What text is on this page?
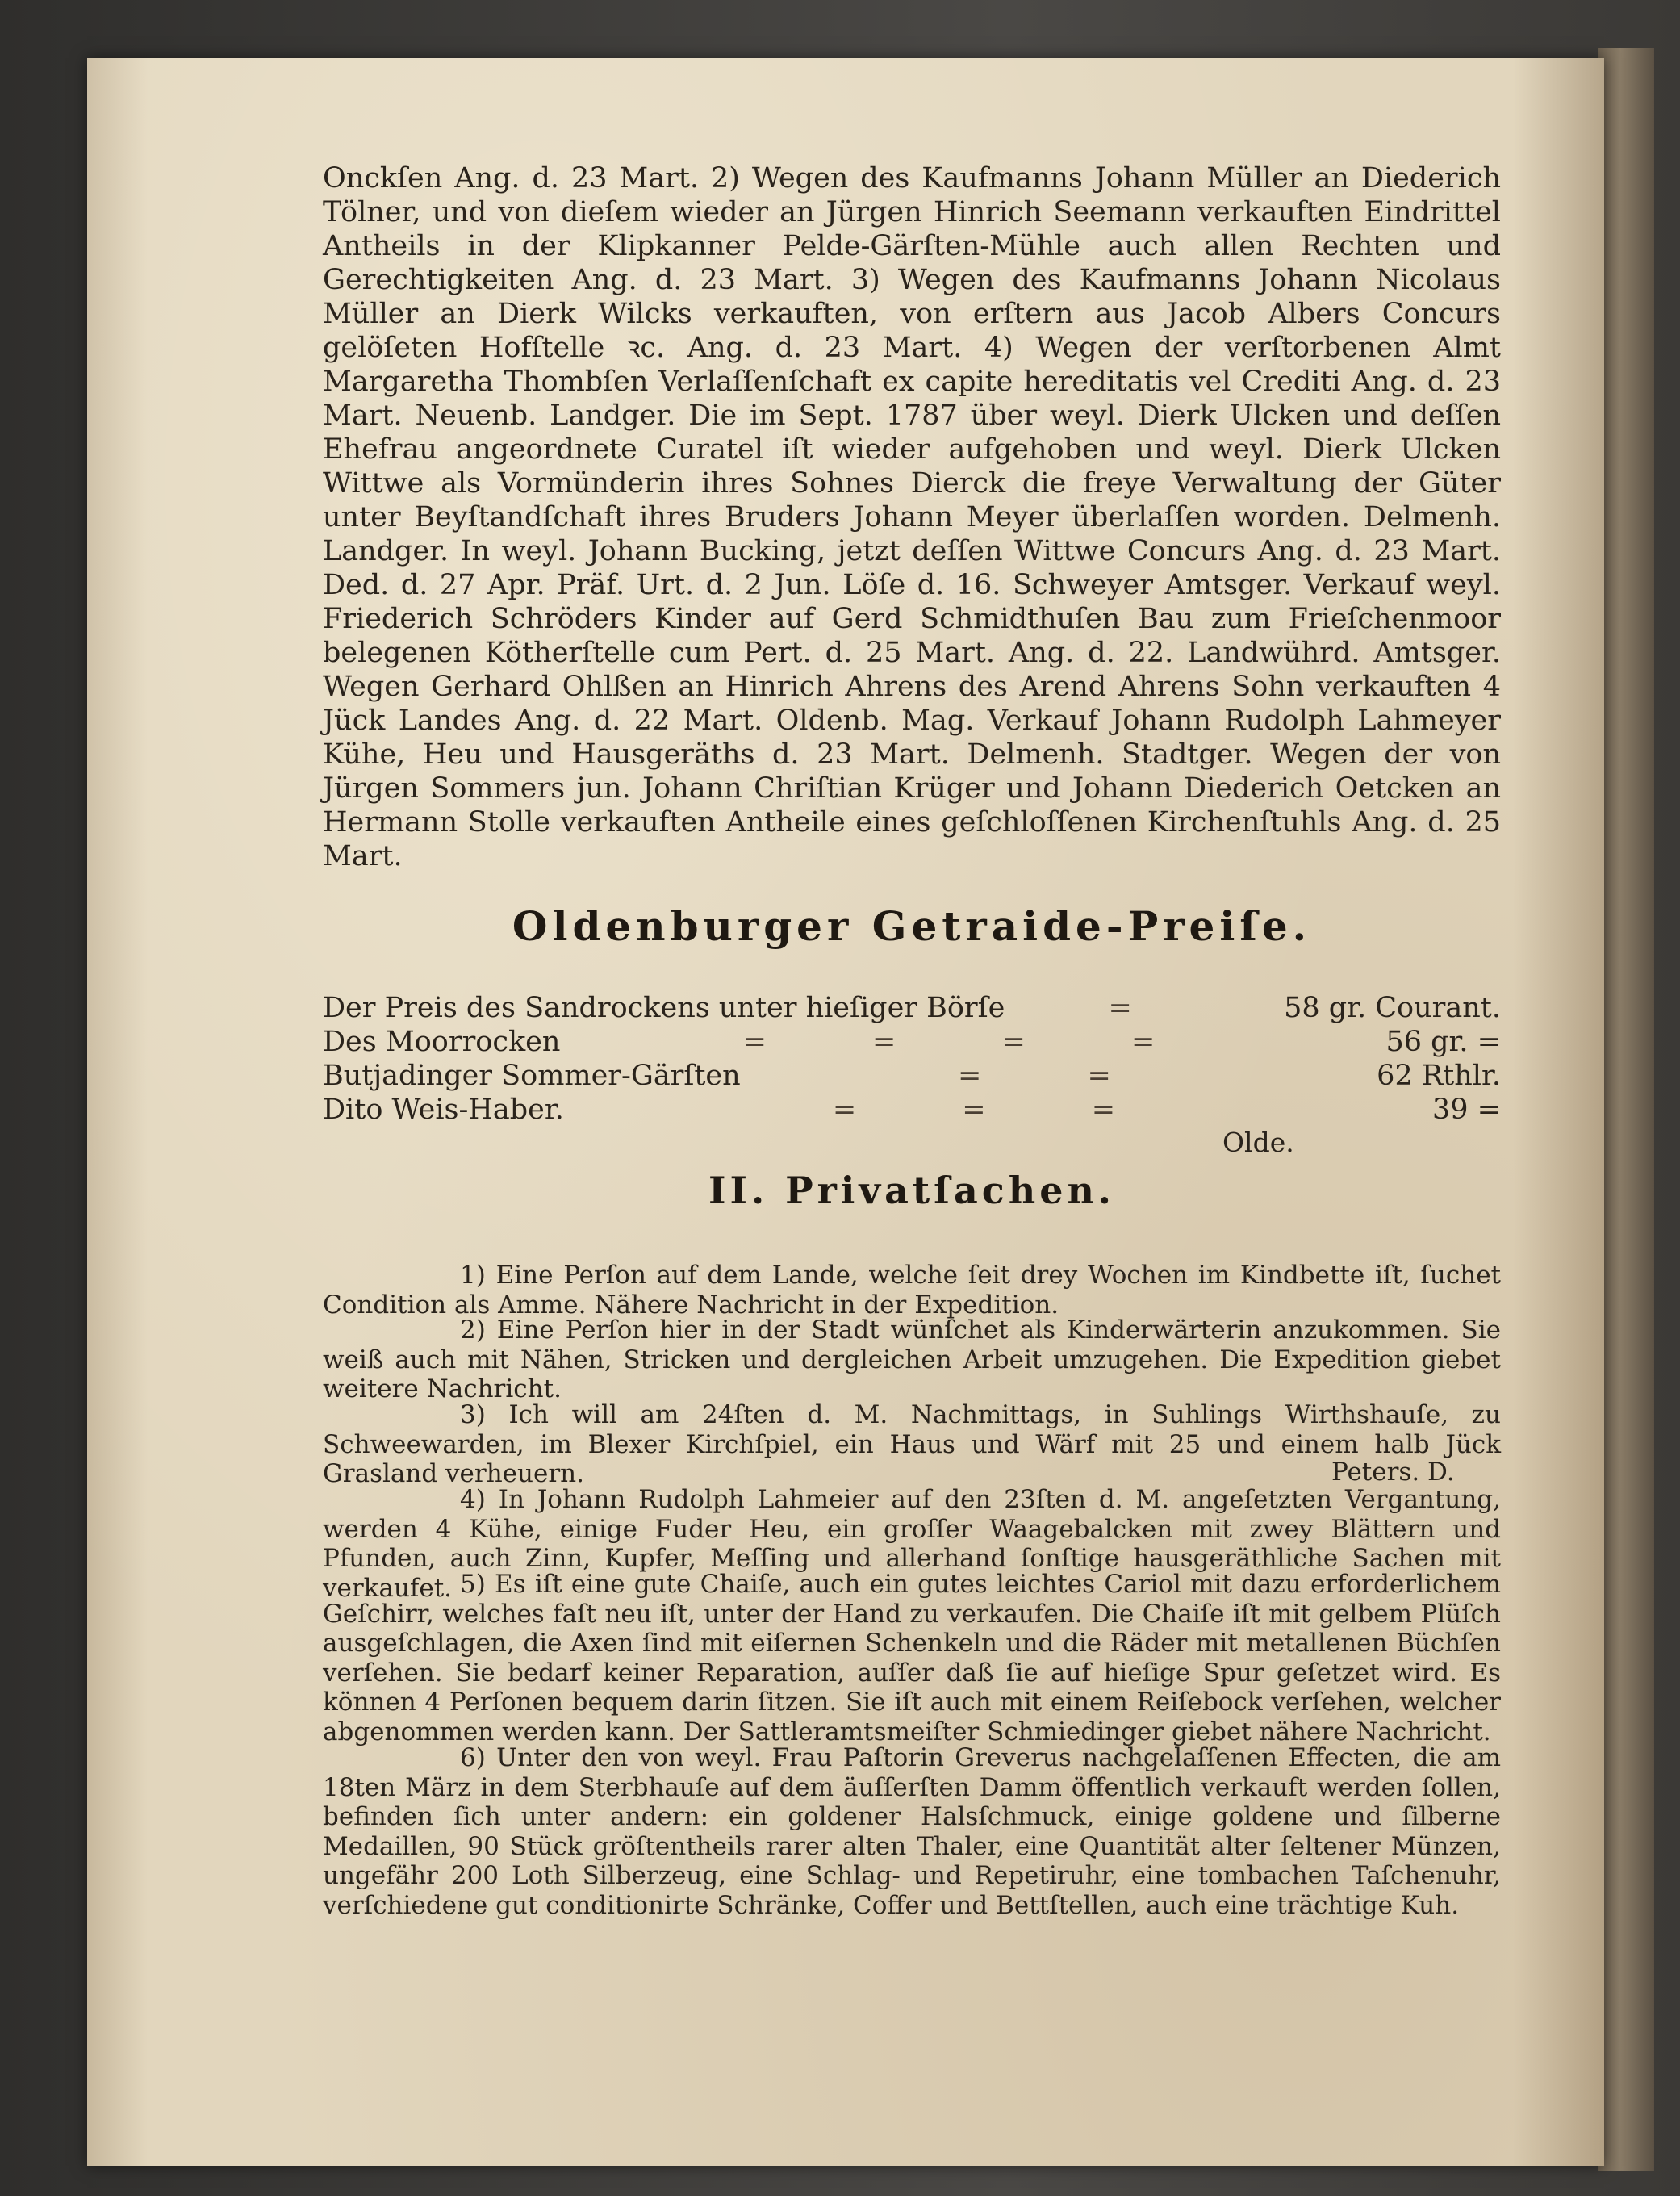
Onckſen Ang. d. 23 Mart. 2) Wegen des Kaufmanns Johann Müller an Diederich Tölner, und von dieſem wieder an Jürgen Hinrich Seemann verkauften Eindrittel Antheils in der Klipkanner Pelde-Gärſten-Mühle auch allen Rechten und Gerechtigkeiten Ang. d. 23 Mart. 3) Wegen des Kaufmanns Johann Nicolaus Müller an Dierk Wilcks verkauften, von erſtern aus Jacob Albers Concurs gelöſeten Hofſtelle ꝛc. Ang. d. 23 Mart. 4) Wegen der verſtorbenen Almt Margaretha Thombſen Verlaſſenſchaft ex capite hereditatis vel Crediti Ang. d. 23 Mart. Neuenb. Landger. Die im Sept. 1787 über weyl. Dierk Ulcken und deſſen Ehefrau angeordnete Curatel iſt wieder aufgehoben und weyl. Dierk Ulcken Wittwe als Vormünderin ihres Sohnes Dierck die freye Verwaltung der Güter unter Beyſtandſchaft ihres Bruders Johann Meyer überlaſſen worden. Delmenh. Landger. In weyl. Johann Bucking, jetzt deſſen Wittwe Concurs Ang. d. 23 Mart. Ded. d. 27 Apr. Präf. Urt. d. 2 Jun. Löſe d. 16. Schweyer Amtsger. Verkauf weyl. Friederich Schröders Kinder auf Gerd Schmidthuſen Bau zum Frieſchenmoor belegenen Kötherſtelle cum Pert. d. 25 Mart. Ang. d. 22. Landwührd. Amtsger. Wegen Gerhard Ohlßen an Hinrich Ahrens des Arend Ahrens Sohn verkauften 4 Jück Landes Ang. d. 22 Mart. Oldenb. Mag. Verkauf Johann Rudolph Lahmeyer Kühe, Heu und Hausgeräths d. 23 Mart. Delmenh. Stadtger. Wegen der von Jürgen Sommers jun. Johann Chriſtian Krüger und Johann Diederich Oetcken an Hermann Stolle verkauften Antheile eines geſchloſſenen Kirchenſtuhls Ang. d. 25 Mart.

Oldenburger Getraide-Preiſe.
Der Preis des Sandrockens unter hieſiger Börſe	=	58 gr. Courant.
Des Moorrocken	= = = =	56 gr. =
Butjadinger Sommer-Gärſten	= =	62 Rthlr.
Dito Weis-Haber.	= = =	39 =
Olde.
II. Privatſachen.

1) Eine Perſon auf dem Lande, welche ſeit drey Wochen im Kindbette iſt, ſuchet Condition als Amme. Nähere Nachricht in der Expedition.

2) Eine Perſon hier in der Stadt wünſchet als Kinderwärterin anzukommen. Sie weiß auch mit Nähen, Stricken und dergleichen Arbeit umzugehen. Die Expedition giebet weitere Nachricht.

3) Ich will am 24ſten d. M. Nachmittags, in Suhlings Wirthshauſe, zu Schweewarden, im Blexer Kirchſpiel, ein Haus und Wärf mit 25 und einem halb Jück Grasland verheuern.	Peters. D.

4) In Johann Rudolph Lahmeier auf den 23ſten d. M. angeſetzten Vergantung, werden 4 Kühe, einige Fuder Heu, ein groſſer Waagebalcken mit zwey Blättern und Pfunden, auch Zinn, Kupfer, Meſſing und allerhand ſonſtige hausgeräthliche Sachen mit verkaufet. 5) Es iſt eine gute Chaiſe, auch ein gutes leichtes Cariol mit dazu erforderlichem Geſchirr, welches faſt neu iſt, unter der Hand zu verkaufen. Die Chaiſe iſt mit gelbem Plüſch ausgeſchlagen, die Axen ſind mit eiſernen Schenkeln und die Räder mit metallenen Büchſen verſehen. Sie bedarf keiner Reparation, auſſer daß ſie auf hieſige Spur geſetzet wird. Es können 4 Perſonen bequem darin ſitzen. Sie iſt auch mit einem Reiſebock verſehen, welcher abgenommen werden kann. Der Sattleramtsmeiſter Schmiedinger giebet nähere Nachricht.

6) Unter den von weyl. Frau Paſtorin Greverus nachgelaſſenen Effecten, die am 18ten März in dem Sterbhauſe auf dem äuſſerſten Damm öffentlich verkauft werden ſollen, befinden ſich unter andern: ein goldener Halsſchmuck, einige goldene und ſilberne Medaillen, 90 Stück gröſtentheils rarer alten Thaler, eine Quantität alter ſeltener Münzen, ungefähr 200 Loth Silberzeug, eine Schlag- und Repetiruhr, eine tombachen Taſchenuhr, verſchiedene gut conditionirte Schränke, Coffer und Bettſtellen, auch eine trächtige Kuh.
